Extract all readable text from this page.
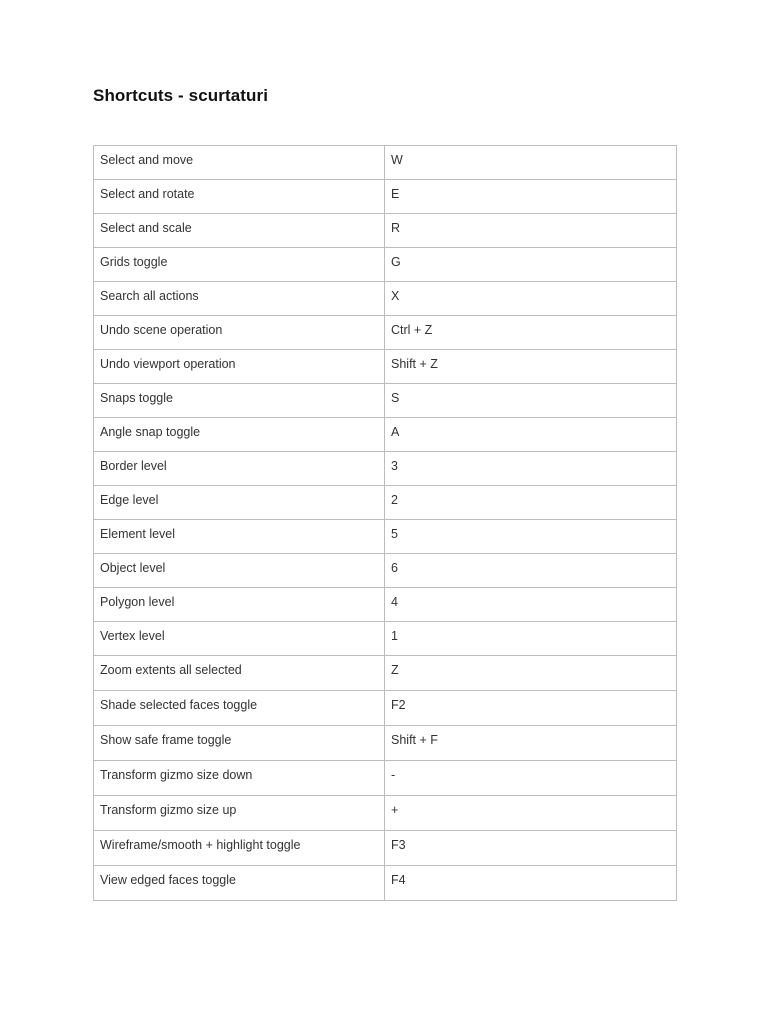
Shortcuts - scurtaturi
Select and move	W

Select and rotate	E

Select and scale	R

Grids toggle	G

Search all actions	X

Undo scene operation	Ctrl + Z

Undo viewport operation	Shift + Z

Snaps toggle	S

Angle snap toggle	A

Border level	3

Edge level	2

Element level	5

Object level	6

Polygon level	4

Vertex level	1

Zoom extents all selected	Z

Shade selected faces toggle	F2

Show safe frame toggle	Shift + F

Transform gizmo size down	-

Transform gizmo size up	+

Wireframe/smooth + highlight toggle	F3

View edged faces toggle	F4
